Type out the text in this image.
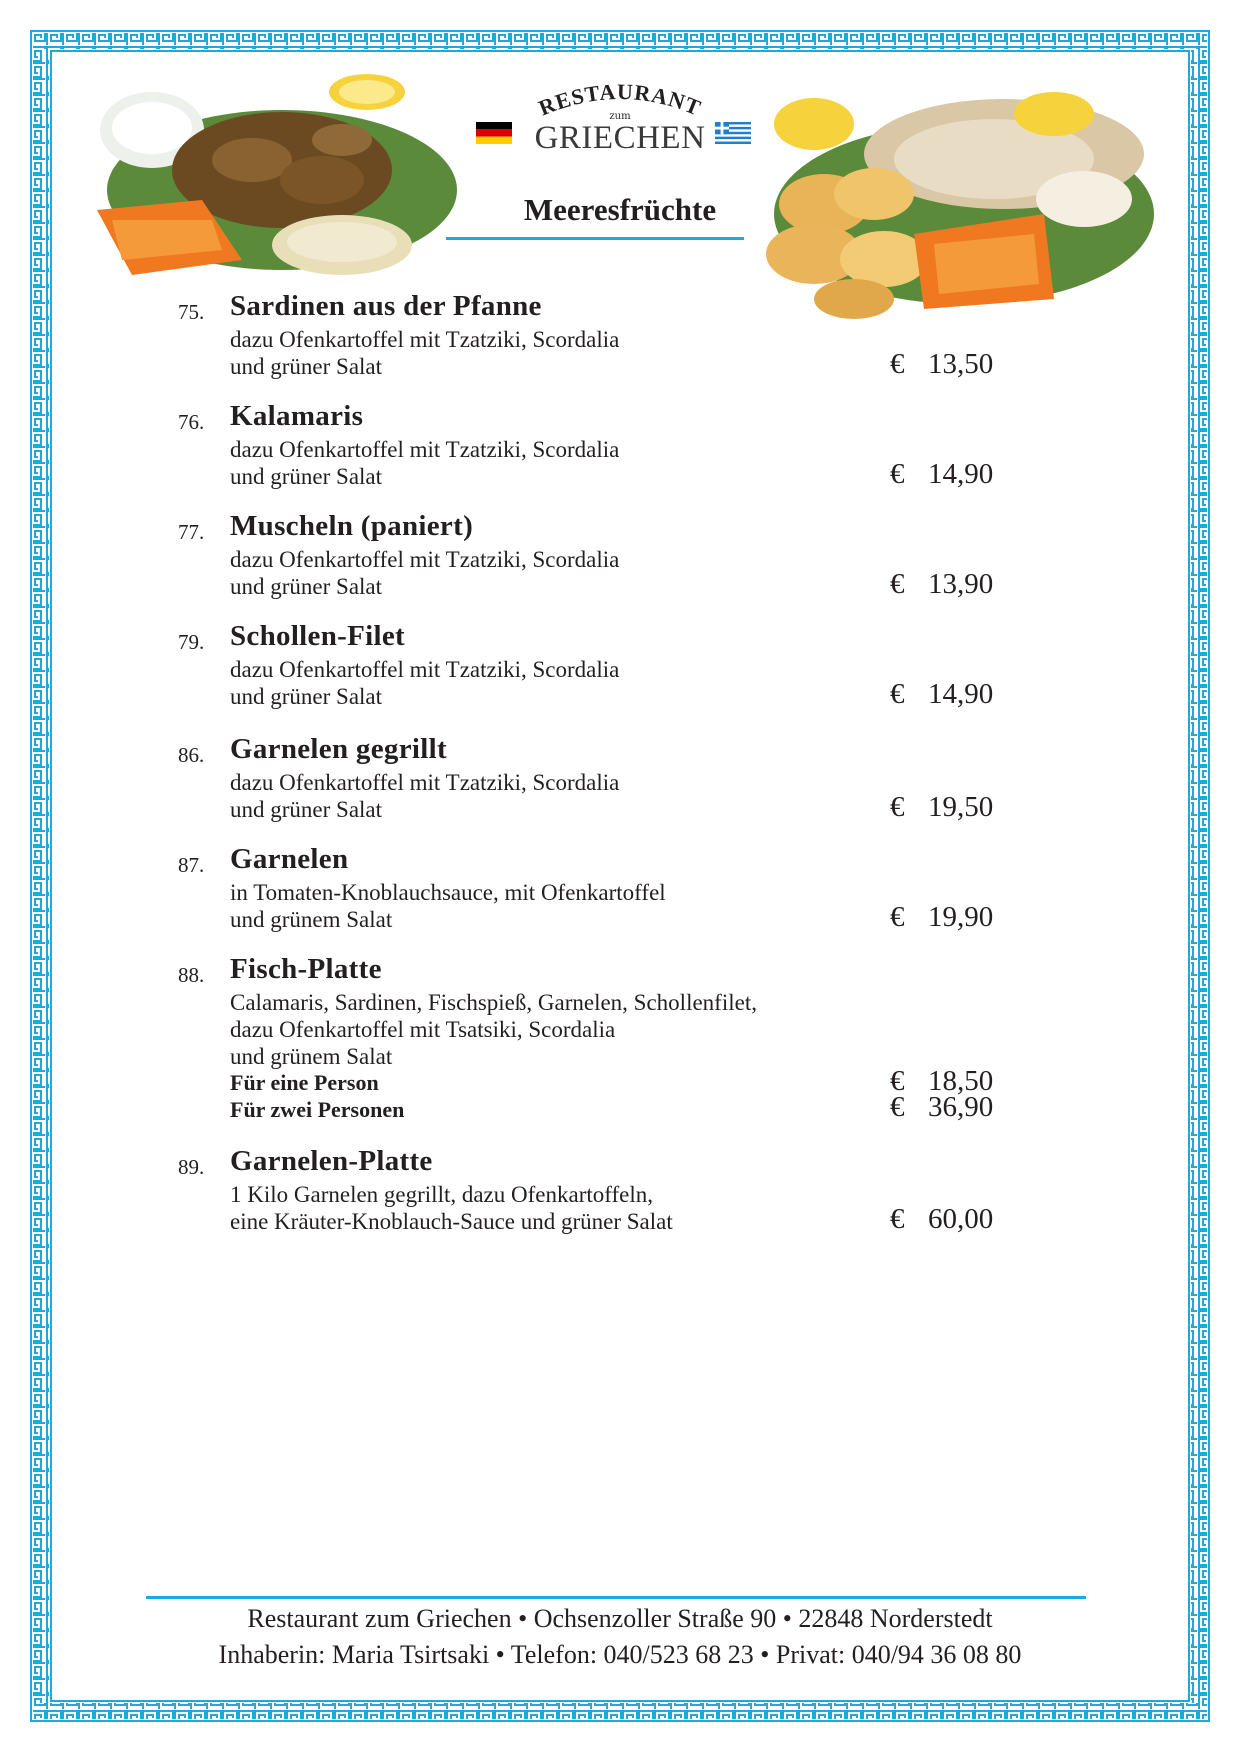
RESTAURANT
zum
GRIECHEN
Meeresfrüchte
75. Sardinen aus der Pfanne
dazu Ofenkartoffel mit Tzatziki, Scordalia
und grüner Salat	€ 13,50
76. Kalamaris
dazu Ofenkartoffel mit Tzatziki, Scordalia
und grüner Salat	€ 14,90
77. Muscheln (paniert)
dazu Ofenkartoffel mit Tzatziki, Scordalia
und grüner Salat	€ 13,90
79. Schollen-Filet
dazu Ofenkartoffel mit Tzatziki, Scordalia
und grüner Salat	€ 14,90
86. Garnelen gegrillt
dazu Ofenkartoffel mit Tzatziki, Scordalia
und grüner Salat	€ 19,50
87. Garnelen
in Tomaten-Knoblauchsauce, mit Ofenkartoffel
und grünem Salat	€ 19,90
88. Fisch-Platte
Calamaris, Sardinen, Fischspieß, Garnelen, Schollenfilet,
dazu Ofenkartoffel mit Tsatsiki, Scordalia
und grünem Salat
Für eine Person	€ 18,50
Für zwei Personen	€ 36,90
89. Garnelen-Platte
1 Kilo Garnelen gegrillt, dazu Ofenkartoffeln,
eine Kräuter-Knoblauch-Sauce und grüner Salat	€ 60,00
Restaurant zum Griechen • Ochsenzoller Straße 90 • 22848 Norderstedt
Inhaberin: Maria Tsirtsaki • Telefon: 040/523 68 23 • Privat: 040/94 36 08 80
